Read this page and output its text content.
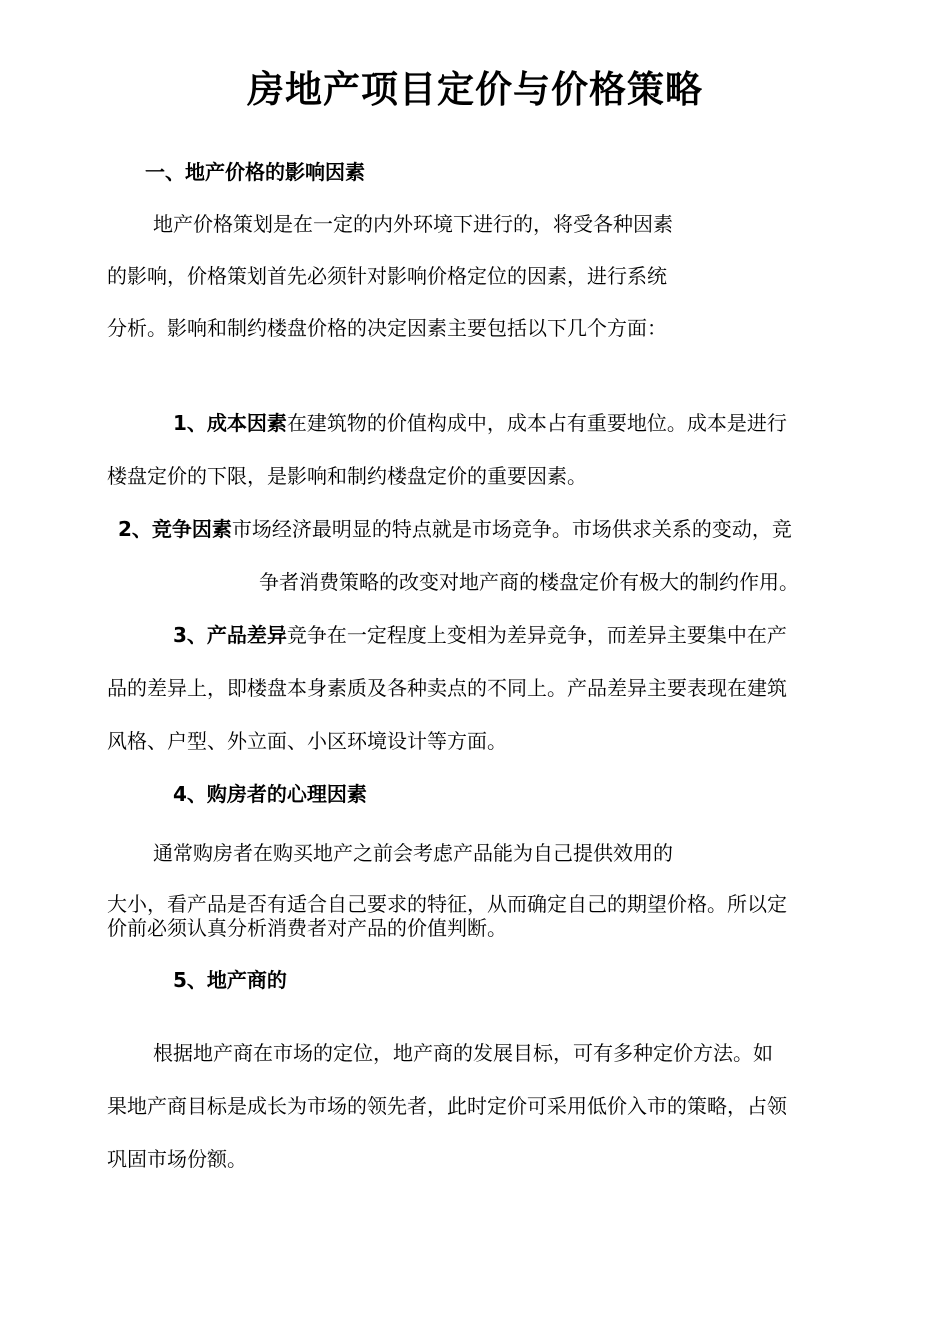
房地产项目定价与价格策略
一、地产价格的影响因素
地产价格策划是在一定的内外环境下进行的，将受各种因素
的影响，价格策划首先必须针对影响价格定位的因素，进行系统
分析。影响和制约楼盘价格的决定因素主要包括以下几个方面：
1、成本因素在建筑物的价值构成中，成本占有重要地位。成本是进行
楼盘定价的下限，是影响和制约楼盘定价的重要因素。
2、竞争因素市场经济最明显的特点就是市场竞争。市场供求关系的变动，竞
争者消费策略的改变对地产商的楼盘定价有极大的制约作用。
3、产品差异竞争在一定程度上变相为差异竞争，而差异主要集中在产
品的差异上，即楼盘本身素质及各种卖点的不同上。产品差异主要表现在建筑
风格、户型、外立面、小区环境设计等方面。
4、购房者的心理因素
通常购房者在购买地产之前会考虑产品能为自己提供效用的
大小，看产品是否有适合自己要求的特征，从而确定自己的期望价格。所以定
价前必须认真分析消费者对产品的价值判断。
5、地产商的
根据地产商在市场的定位，地产商的发展目标，可有多种定价方法。如
果地产商目标是成长为市场的领先者，此时定价可采用低价入市的策略，占领
巩固市场份额。
